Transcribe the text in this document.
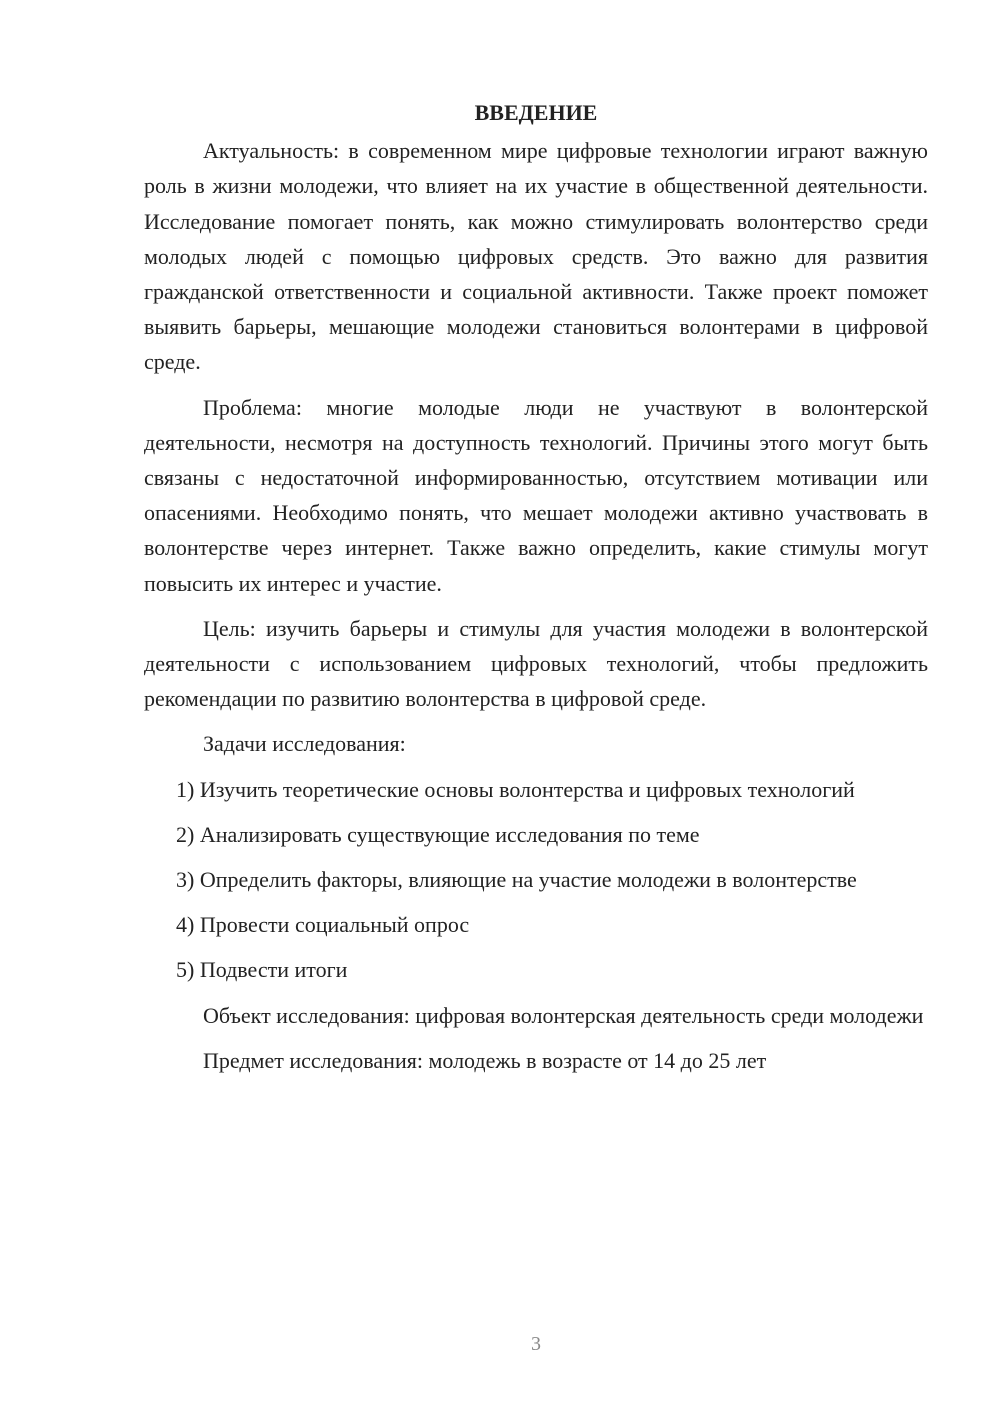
ВВЕДЕНИЕ

Актуальность: в современном мире цифровые технологии играют важную роль в жизни молодежи, что влияет на их участие в общественной деятельности. Исследование помогает понять, как можно стимулировать волонтерство среди молодых людей с помощью цифровых средств. Это важно для развития гражданской ответственности и социальной активности. Также проект поможет выявить барьеры, мешающие молодежи становиться волонтерами в цифровой среде.

Проблема: многие молодые люди не участвуют в волонтерской деятельности, несмотря на доступность технологий. Причины этого могут быть связаны с недостаточной информированностью, отсутствием мотивации или опасениями. Необходимо понять, что мешает молодежи активно участвовать в волонтерстве через интернет. Также важно определить, какие стимулы могут повысить их интерес и участие.

Цель: изучить барьеры и стимулы для участия молодежи в волонтерской деятельности с использованием цифровых технологий, чтобы предложить рекомендации по развитию волонтерства в цифровой среде.

Задачи исследования:

1) Изучить теоретические основы волонтерства и цифровых технологий

2) Анализировать существующие исследования по теме

3) Определить факторы, влияющие на участие молодежи в волонтерстве

4) Провести социальный опрос

5) Подвести итоги

Объект исследования: цифровая волонтерская деятельность среди молодежи

Предмет исследования: молодежь в возрасте от 14 до 25 лет

3
